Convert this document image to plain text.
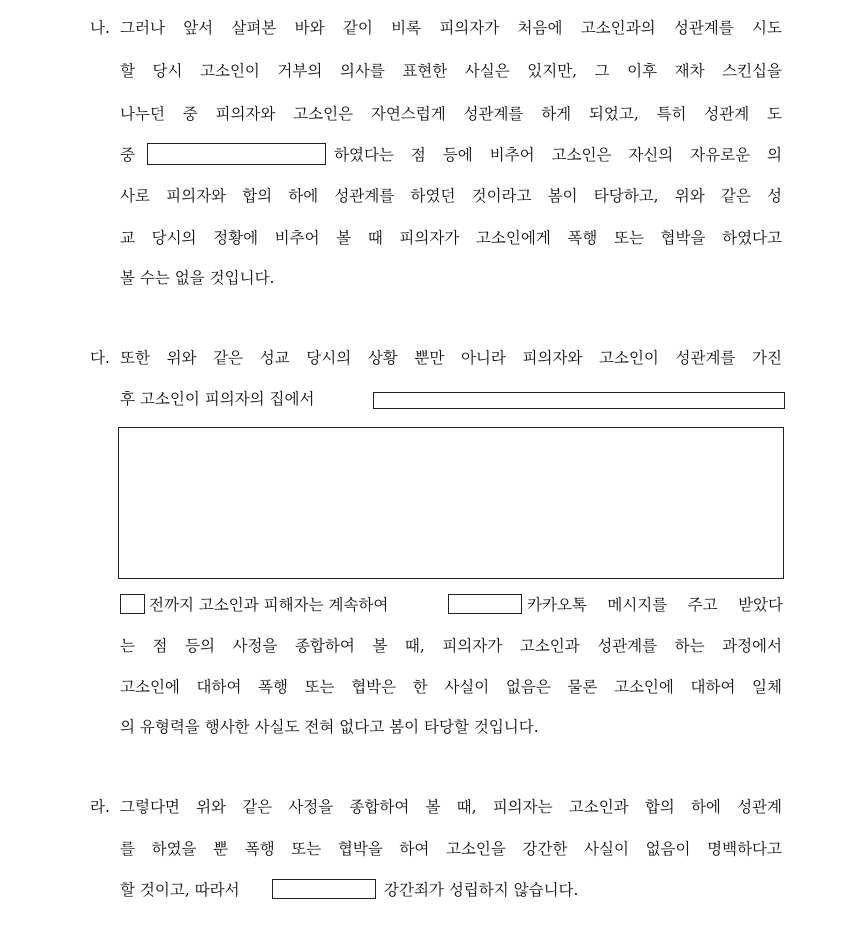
나. 그러나 앞서 살펴본 바와 같이 비록 피의자가 처음에 고소인과의 성관계를 시도
할 당시 고소인이 거부의 의사를 표현한 사실은 있지만, 그 이후 재차 스킨십을
나누던 중 피의자와 고소인은 자연스럽게 성관계를 하게 되었고, 특히 성관계 도
중	하였다는 점 등에 비추어 고소인은 자신의 자유로운 의
사로 피의자와 합의 하에 성관계를 하였던 것이라고 봄이 타당하고, 위와 같은 성
교 당시의 정황에 비추어 볼 때 피의자가 고소인에게 폭행 또는 협박을 하였다고
볼 수는 없을 것입니다.
다. 또한 위와 같은 성교 당시의 상황 뿐만 아니라 피의자와 고소인이 성관계를 가진
후 고소인이 피의자의 집에서
전까지 고소인과 피해자는 계속하여	카카오톡 메시지를 주고 받았다
는 점 등의 사정을 종합하여 볼 때, 피의자가 고소인과 성관계를 하는 과정에서
고소인에 대하여 폭행 또는 협박은 한 사실이 없음은 물론 고소인에 대하여 일체
의 유형력을 행사한 사실도 전혀 없다고 봄이 타당할 것입니다.
라. 그렇다면 위와 같은 사정을 종합하여 볼 때, 피의자는 고소인과 합의 하에 성관계
를 하였을 뿐 폭행 또는 협박을 하여 고소인을 강간한 사실이 없음이 명백하다고
할 것이고, 따라서	강간죄가 성립하지 않습니다.
